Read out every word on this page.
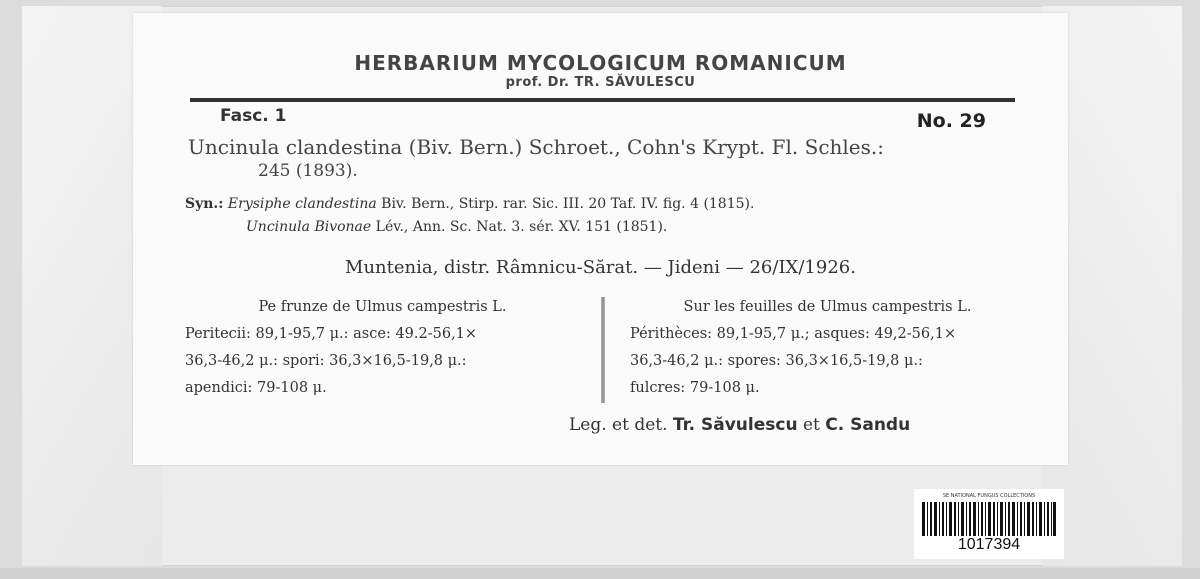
HERBARIUM MYCOLOGICUM ROMANICUM
prof. Dr. TR. SĂVULESCU
Fasc. 1	No. 29
Uncinula clandestina (Biv. Bern.) Schroet., Cohn's Krypt. Fl. Schles.:
245 (1893).
Syn.: Erysiphe clandestina Biv. Bern., Stirp. rar. Sic. III. 20 Taf. IV. fig. 4 (1815).
Uncinula Bivonae Lév., Ann. Sc. Nat. 3. sér. XV. 151 (1851).
Muntenia, distr. Râmnicu-Sărat. — Jideni — 26/IX/1926.
Pe frunze de Ulmus campestris L.
Peritecii: 89,1-95,7 μ.: asce: 49.2-56,1×
36,3-46,2 μ.: spori: 36,3×16,5-19,8 μ.:
apendici: 79-108 μ.
Sur les feuilles de Ulmus campestris L.
Périthèces: 89,1-95,7 μ.; asques: 49,2-56,1×
36,3-46,2 μ.: spores: 36,3×16,5-19,8 μ.:
fulcres: 79-108 μ.
Leg. et det. Tr. Săvulescu et C. Sandu
SE NATIONAL FUNGUS COLLECTIONS
1017394
